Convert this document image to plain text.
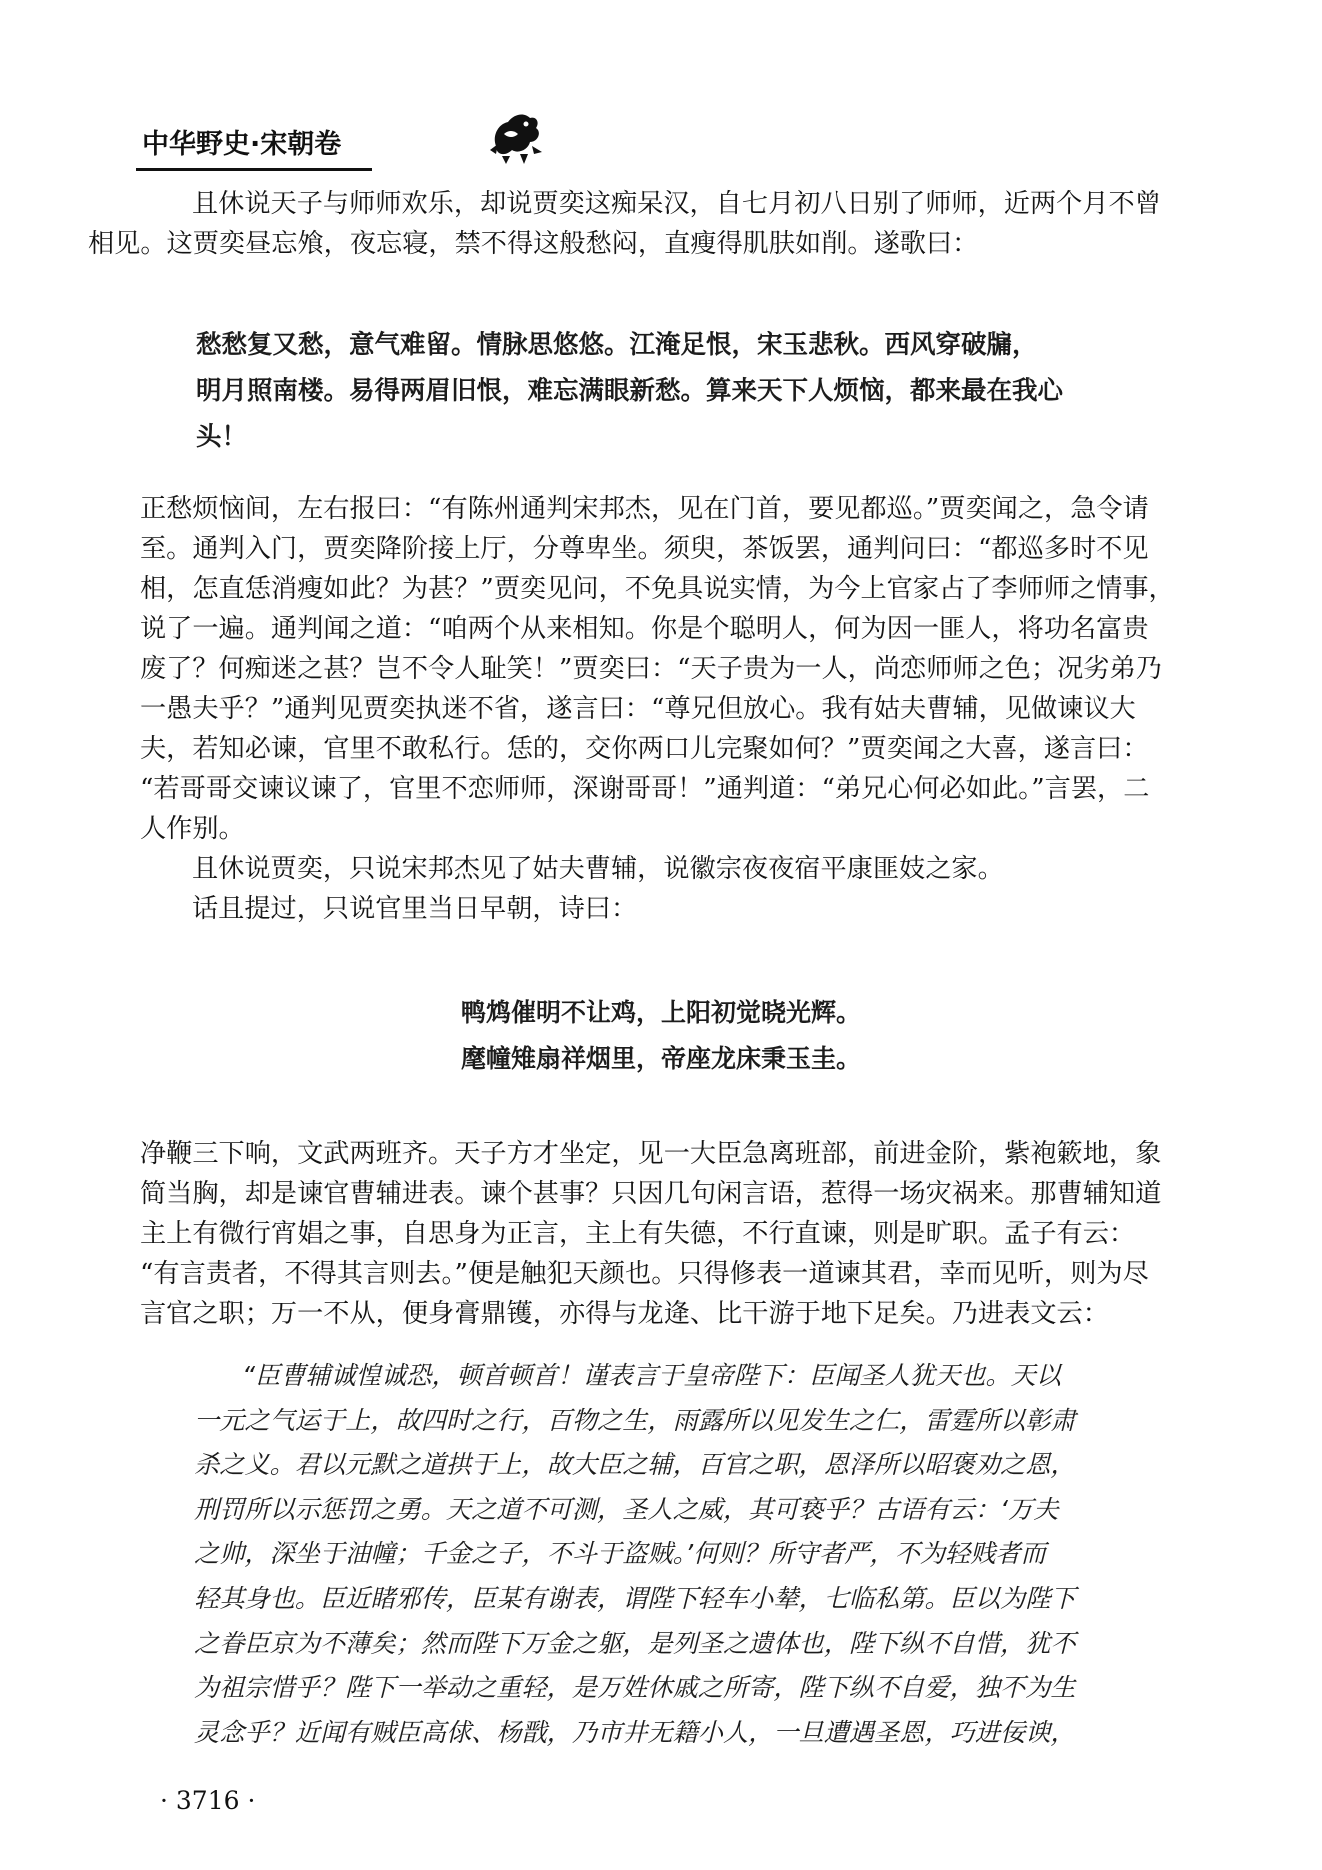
中华野史·宋朝卷

且休说天子与师师欢乐，却说贾奕这痴呆汉，自七月初八日别了师师，近两个月不曾
相见。这贾奕昼忘飧，夜忘寝，禁不得这般愁闷，直瘦得肌肤如削。遂歌曰：

愁愁复又愁，意气难留。情脉思悠悠。江淹足恨，宋玉悲秋。西风穿破牖，
明月照南楼。易得两眉旧恨，难忘满眼新愁。算来天下人烦恼，都来最在我心
头！

正愁烦恼间，左右报曰：“有陈州通判宋邦杰，见在门首，要见都巡。”贾奕闻之，急令请
至。通判入门，贾奕降阶接上厅，分尊卑坐。须臾，茶饭罢，通判问曰：“都巡多时不见
相，怎直恁消瘦如此？为甚？”贾奕见问，不免具说实情，为今上官家占了李师师之情事，
说了一遍。通判闻之道：“咱两个从来相知。你是个聪明人，何为因一匪人，将功名富贵
废了？何痴迷之甚？岂不令人耻笑！”贾奕曰：“天子贵为一人，尚恋师师之色；况劣弟乃
一愚夫乎？”通判见贾奕执迷不省，遂言曰：“尊兄但放心。我有姑夫曹辅，见做谏议大
夫，若知必谏，官里不敢私行。恁的，交你两口儿完聚如何？”贾奕闻之大喜，遂言曰：
“若哥哥交谏议谏了，官里不恋师师，深谢哥哥！”通判道：“弟兄心何必如此。”言罢，二
人作别。

且休说贾奕，只说宋邦杰见了姑夫曹辅，说徽宗夜夜宿平康匪妓之家。

话且提过，只说官里当日早朝，诗曰：

鸭鸩催明不让鸡，上阳初觉晓光辉。

麾幢雉扇祥烟里，帝座龙床秉玉圭。

净鞭三下响，文武两班齐。天子方才坐定，见一大臣急离班部，前进金阶，紫袍簌地，象
简当胸，却是谏官曹辅进表。谏个甚事？只因几句闲言语，惹得一场灾祸来。那曹辅知道
主上有微行宵娼之事，自思身为正言，主上有失德，不行直谏，则是旷职。孟子有云：
“有言责者，不得其言则去。”便是触犯天颜也。只得修表一道谏其君，幸而见听，则为尽
言官之职；万一不从，便身膏鼎镬，亦得与龙逄、比干游于地下足矣。乃进表文云：

“臣曹辅诚惶诚恐，顿首顿首！谨表言于皇帝陛下：臣闻圣人犹天也。天以
一元之气运于上，故四时之行，百物之生，雨露所以见发生之仁，雷霆所以彰肃
杀之义。君以元默之道拱于上，故大臣之辅，百官之职，恩泽所以昭褒劝之恩，
刑罚所以示惩罚之勇。天之道不可测，圣人之威，其可亵乎？古语有云：‘万夫
之帅，深坐于油幢；千金之子，不斗于盗贼。’何则？所守者严，不为轻贱者而
轻其身也。臣近睹邪传，臣某有谢表，谓陛下轻车小辇，七临私第。臣以为陛下
之眷臣京为不薄矣；然而陛下万金之躯，是列圣之遗体也，陛下纵不自惜，犹不
为祖宗惜乎？陛下一举动之重轻，是万姓休戚之所寄，陛下纵不自爱，独不为生
灵念乎？近闻有贼臣高俅、杨戬，乃市井无籍小人，一旦遭遇圣恩，巧进佞谀，

· 3716 ·
